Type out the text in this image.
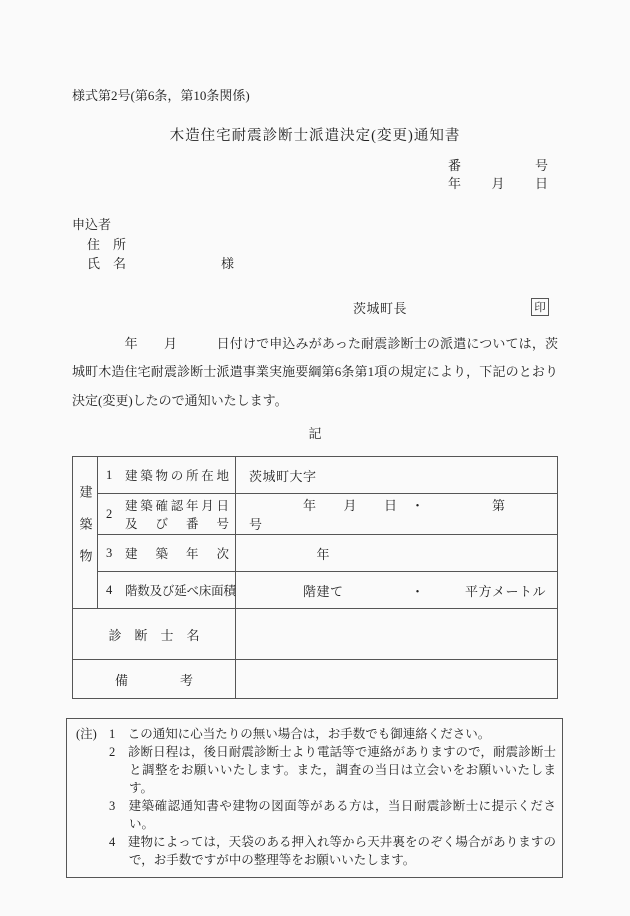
様式第2号(第6条，第10条関係)
木造住宅耐震診断士派遣決定(変更)通知書
番	号
年 月 日
申込者
住　所
氏　名	様
茨城町長	印
　　　　年　　月　　　日付けで申込みがあった耐震診断士の派遣については，茨城町木造住宅耐震診断士派遣事業実施要綱第6条第1項の規定により，下記のとおり決定(変更)したので通知いたします。
記
建築物	1 建築物の所在地	茨城町大字

	2
建築確認年月日
及び番号	　　　　年　　月　　日　・　　　　　第　　　号

	3 建築年次	　　　　　年

	4 階数及び延べ床面積	　　　　階建て　　　　　・　　　平方メートル
診　断　士　名		
備　　　　考		
(注) 1　この通知に心当たりの無い場合は，お手数でも御連絡ください。
2　診断日程は，後日耐震診断士より電話等で連絡がありますので，耐震診断士と調整をお願いいたします。また，調査の当日は立会いをお願いいたします。
3　建築確認通知書や建物の図面等がある方は，当日耐震診断士に提示ください。
4　建物によっては，天袋のある押入れ等から天井裏をのぞく場合がありますので，お手数ですが中の整理等をお願いいたします。
